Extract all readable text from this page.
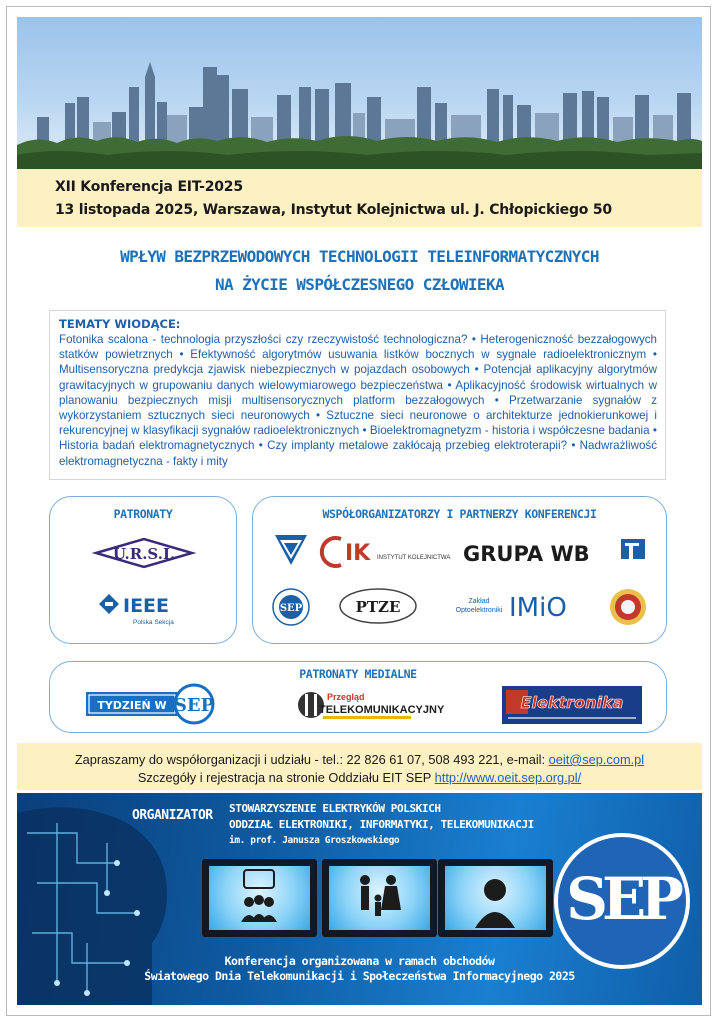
XII Konferencja EIT-2025
13 listopada 2025, Warszawa, Instytut Kolejnictwa ul. J. Chłopickiego 50
WPŁYW BEZPRZEWODOWYCH TECHNOLOGII TELEINFORMATYCZNYCH
NA ŻYCIE WSPÓŁCZESNEGO CZŁOWIEKA
TEMATY WIODĄCE:

Fotonika scalona - technologia przyszłości czy rzeczywistość technologiczna? • Heterogeniczność bezzałogowych statków powietrznych • Efektywność algorytmów usuwania listków bocznych w sygnale radioelektronicznym • Multisensoryczna predykcja zjawisk niebezpiecznych w pojazdach osobowych • Potencjał aplikacyjny algorytmów grawitacyjnych w grupowaniu danych wielowymiarowego bezpieczeństwa • Aplikacyjność środowisk wirtualnych w planowaniu bezpiecznych misji multisensorycznych platform bezzałogowych • Przetwarzanie sygnałów z wykorzystaniem sztucznych sieci neuronowych • Sztuczne sieci neuronowe o architekturze jednokierunkowej i rekurencyjnej w klasyfikacji sygnałów radioelektronicznych • Bioelektromagnetyzm - historia i współczesne badania • Historia badań elektromagnetycznych • Czy implanty metalowe zakłócają przebieg elektroterapii? • Nadwrażliwość elektromagnetyczna - fakty i mity

PATRONATY
U.R.S.I.
IEEE
Polska Sekcja
WSPÓŁORGANIZATORZY I PARTNERZY KONFERENCJI
IK INSTYTUT KOLEJNICTWA GRUPA WB
SEP	PTZE	Zakład
Optoelektroniki IMiO
PATRONATY MEDIALNE
TYDZIEŃ W SEP	Przegląd
TELEKOMUNIKACYJNY	Elektronika
Zapraszamy do współorganizacji i udziału - tel.: 22 826 61 07, 508 493 221, e-mail: oeit@sep.com.pl
Szczegóły i rejestracja na stronie Oddziału EIT SEP http://www.oeit.sep.org.pl/
ORGANIZATOR STOWARZYSZENIE ELEKTRYKÓW POLSKICH
ODDZIAŁ ELEKTRONIKI, INFORMATYKI, TELEKOMUNIKACJI
im. prof. Janusza Groszkowskiego
SEP
Konferencja organizowana w ramach obchodów
Światowego Dnia Telekomunikacji i Społeczeństwa Informacyjnego 2025
